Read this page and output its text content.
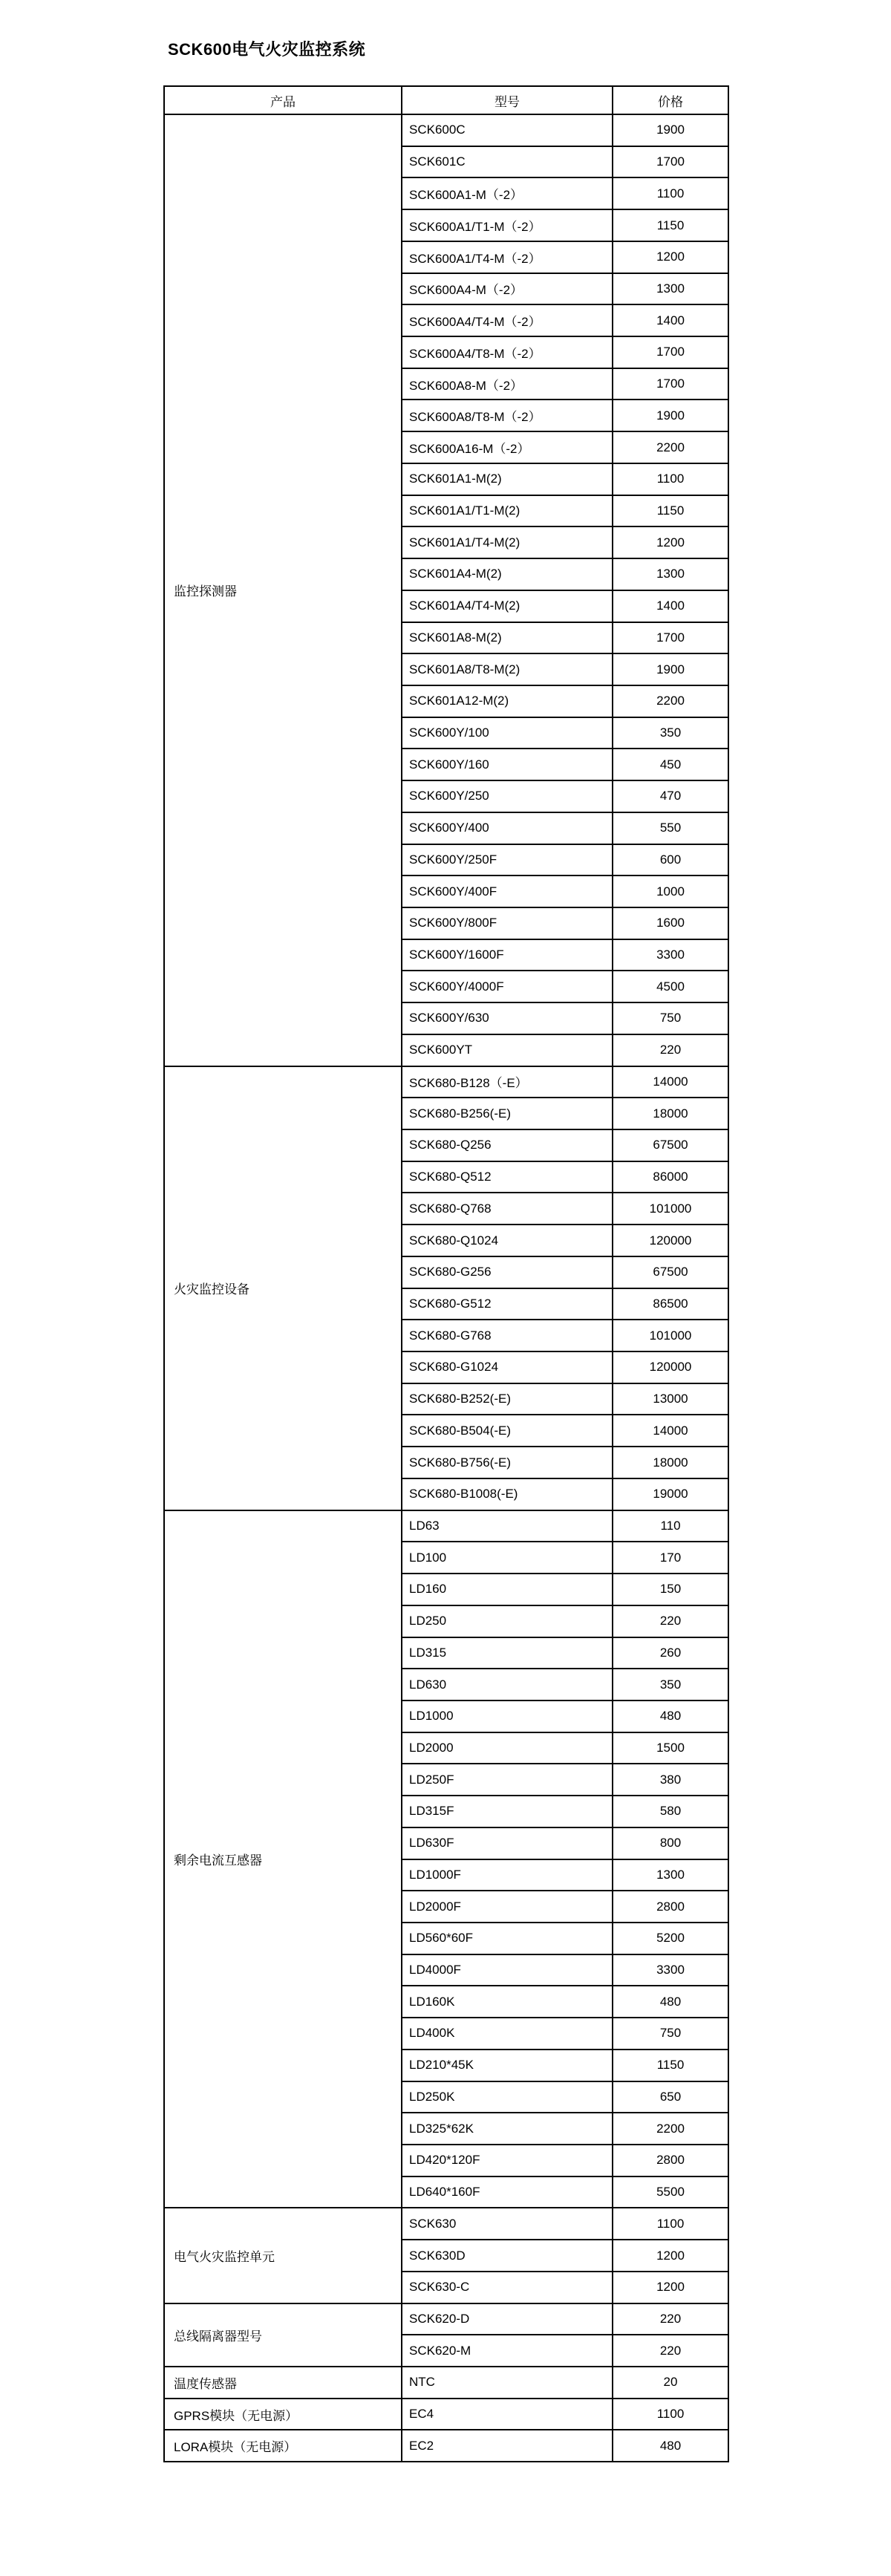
SCK600电气火灾监控系统
产品	型号	价格
监控探测器	SCK600C	1900
	SCK601C	1700
	SCK600A1-M（-2）	1100
	SCK600A1/T1-M（-2）	1150
	SCK600A1/T4-M（-2）	1200
	SCK600A4-M（-2）	1300
	SCK600A4/T4-M（-2）	1400
	SCK600A4/T8-M（-2）	1700
	SCK600A8-M（-2）	1700
	SCK600A8/T8-M（-2）	1900
	SCK600A16-M（-2）	2200
	SCK601A1-M(2)	1100
	SCK601A1/T1-M(2)	1150
	SCK601A1/T4-M(2)	1200
	SCK601A4-M(2)	1300
	SCK601A4/T4-M(2)	1400
	SCK601A8-M(2)	1700
	SCK601A8/T8-M(2)	1900
	SCK601A12-M(2)	2200
	SCK600Y/100	350
	SCK600Y/160	450
	SCK600Y/250	470
	SCK600Y/400	550
	SCK600Y/250F	600
	SCK600Y/400F	1000
	SCK600Y/800F	1600
	SCK600Y/1600F	3300
	SCK600Y/4000F	4500
	SCK600Y/630	750
	SCK600YT	220
火灾监控设备	SCK680-B128（-E）	14000
	SCK680-B256(-E)	18000
	SCK680-Q256	67500
	SCK680-Q512	86000
	SCK680-Q768	101000
	SCK680-Q1024	120000
	SCK680-G256	67500
	SCK680-G512	86500
	SCK680-G768	101000
	SCK680-G1024	120000
	SCK680-B252(-E)	13000
	SCK680-B504(-E)	14000
	SCK680-B756(-E)	18000
	SCK680-B1008(-E)	19000
剩余电流互感器	LD63	110
	LD100	170
	LD160	150
	LD250	220
	LD315	260
	LD630	350
	LD1000	480
	LD2000	1500
	LD250F	380
	LD315F	580
	LD630F	800
	LD1000F	1300
	LD2000F	2800
	LD560*60F	5200
	LD4000F	3300
	LD160K	480
	LD400K	750
	LD210*45K	1150
	LD250K	650
	LD325*62K	2200
	LD420*120F	2800
	LD640*160F	5500
电气火灾监控单元	SCK630	1100
	SCK630D	1200
	SCK630-C	1200
总线隔离器型号	SCK620-D	220
	SCK620-M	220
温度传感器	NTC	20
GPRS模块（无电源）	EC4	1100
LORA模块（无电源）	EC2	480
